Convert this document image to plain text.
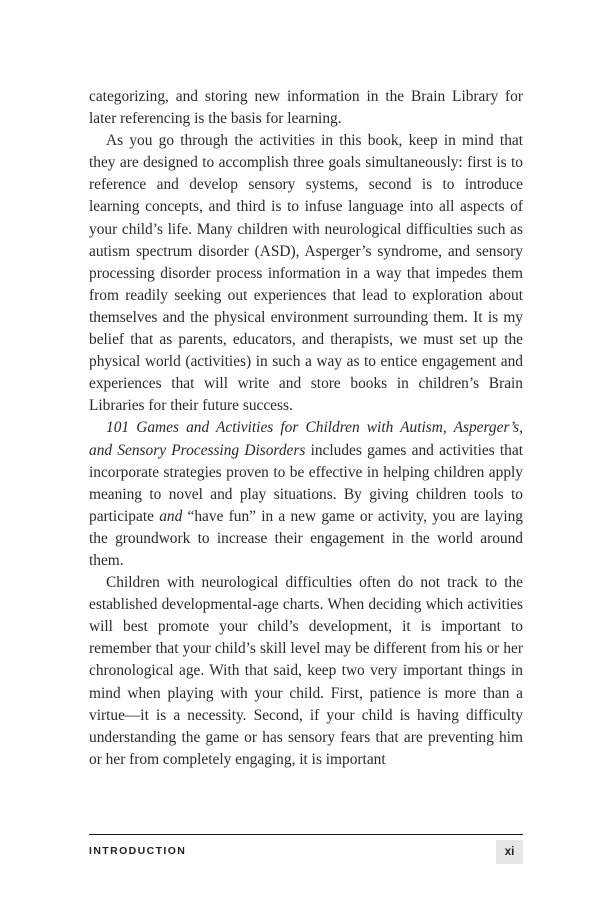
categorizing, and storing new information in the Brain Library for later referencing is the basis for learning.

As you go through the activities in this book, keep in mind that they are designed to accomplish three goals simultaneously: first is to reference and develop sensory systems, second is to introduce learning concepts, and third is to infuse language into all aspects of your child’s life. Many children with neurological difficulties such as autism spectrum disorder (ASD), Asperger’s syndrome, and sensory processing disorder process information in a way that impedes them from readily seeking out experiences that lead to exploration about themselves and the physical environment surrounding them. It is my belief that as parents, educators, and therapists, we must set up the physical world (activities) in such a way as to entice engagement and experiences that will write and store books in children’s Brain Libraries for their future success.

101 Games and Activities for Children with Autism, Asperger’s, and Sensory Processing Disorders includes games and activities that incorporate strategies proven to be effective in helping children apply meaning to novel and play situations. By giving children tools to participate and “have fun” in a new game or activity, you are laying the groundwork to increase their engagement in the world around them.

Children with neurological difficulties often do not track to the established developmental-age charts. When deciding which activities will best promote your child’s development, it is important to remember that your child’s skill level may be different from his or her chronological age. With that said, keep two very important things in mind when playing with your child. First, patience is more than a virtue—it is a necessity. Second, if your child is having difficulty understanding the game or has sensory fears that are preventing him or her from completely engaging, it is important

INTRODUCTION	xi
